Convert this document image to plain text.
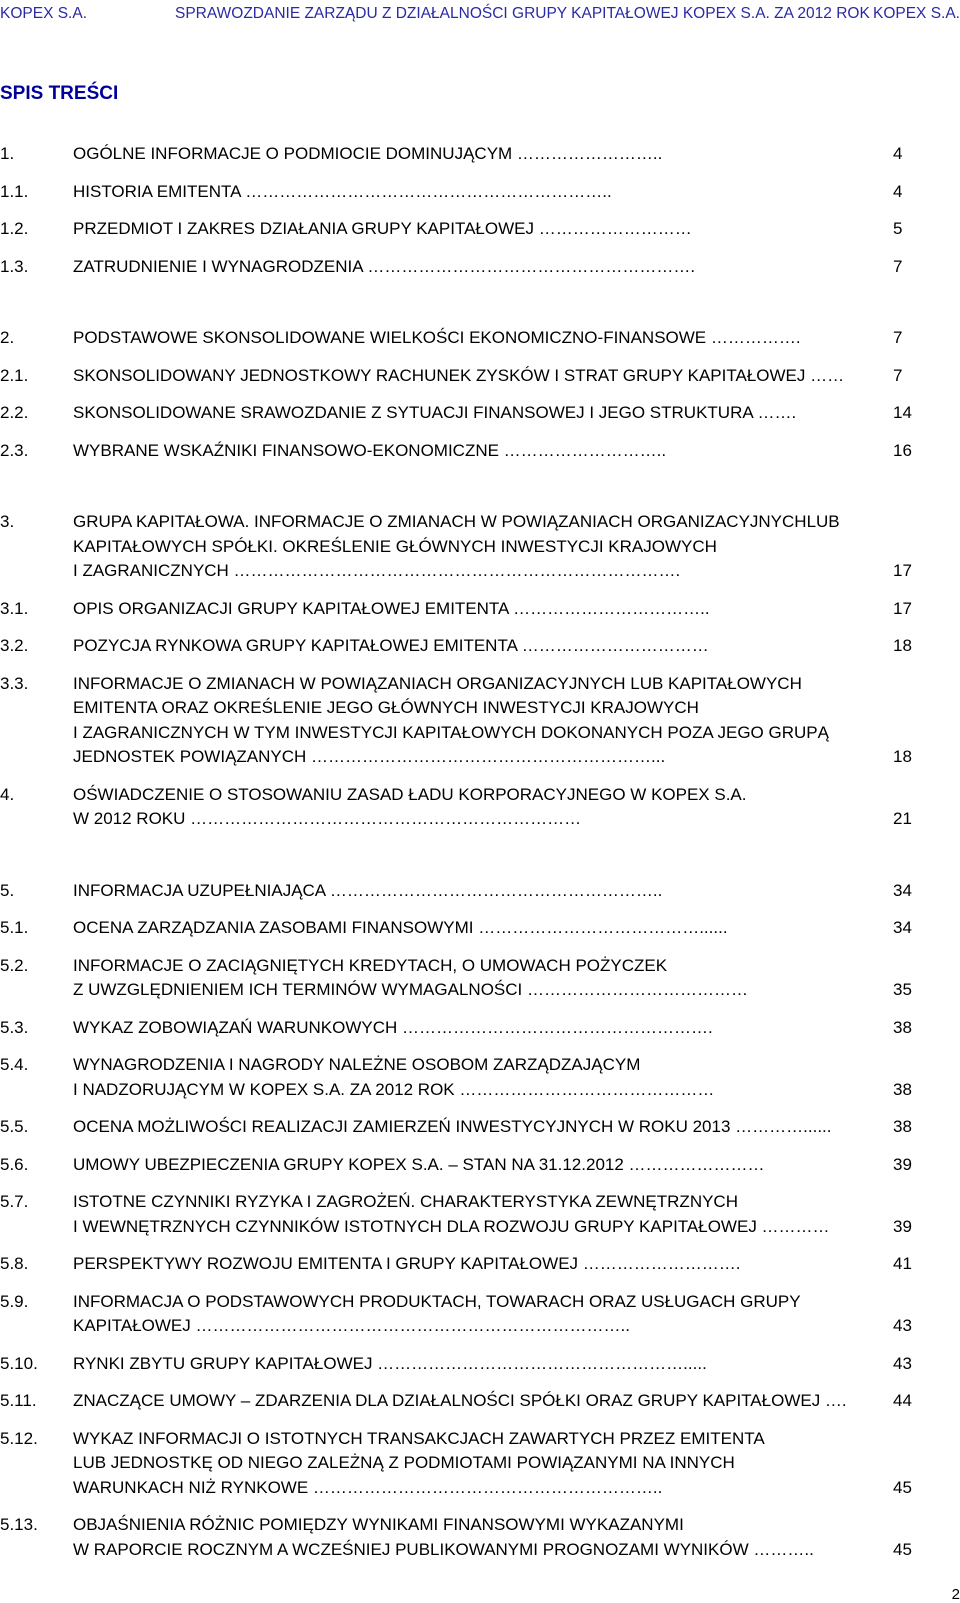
KOPEX S.A.	SPRAWOZDANIE ZARZĄDU Z DZIAŁALNOŚCI GRUPY KAPITAŁOWEJ KOPEX S.A. ZA 2012 ROK KOPEX S.A.
SPIS TREŚCI
1.	OGÓLNE INFORMACJE O PODMIOCIE DOMINUJĄCYM ……………………..	4
1.1.	HISTORIA EMITENTA ………………………………………………………..	4
1.2.	PRZEDMIOT I ZAKRES DZIAŁANIA GRUPY KAPITAŁOWEJ ………………………	5
1.3.	ZATRUDNIENIE I WYNAGRODZENIA ………………………………………………….	7
2.	PODSTAWOWE SKONSOLIDOWANE WIELKOŚCI EKONOMICZNO-FINANSOWE …………….	7
2.1.	SKONSOLIDOWANY JEDNOSTKOWY RACHUNEK ZYSKÓW I STRAT GRUPY KAPITAŁOWEJ ……	7
2.2.	SKONSOLIDOWANE SRAWOZDANIE Z SYTUACJI FINANSOWEJ I JEGO STRUKTURA …….	14
2.3.	WYBRANE WSKAŹNIKI FINANSOWO-EKONOMICZNE ………………………..	16
3.	GRUPA KAPITAŁOWA. INFORMACJE O ZMIANACH W POWIĄZANIACH ORGANIZACYJNYCHLUB
KAPITAŁOWYCH SPÓŁKI. OKREŚLENIE GŁÓWNYCH INWESTYCJI KRAJOWYCH
I ZAGRANICZNYCH …………………………………………………………………….	17
3.1.	OPIS ORGANIZACJI GRUPY KAPITAŁOWEJ EMITENTA ……………………………..	17
3.2.	POZYCJA RYNKOWA GRUPY KAPITAŁOWEJ EMITENTA ……………………………	18
3.3.	INFORMACJE O ZMIANACH W POWIĄZANIACH ORGANIZACYJNYCH LUB KAPITAŁOWYCH
EMITENTA ORAZ OKREŚLENIE JEGO GŁÓWNYCH INWESTYCJI KRAJOWYCH
I ZAGRANICZNYCH W TYM INWESTYCJI KAPITAŁOWYCH DOKONANYCH POZA JEGO GRUPĄ
JEDNOSTEK POWIĄZANYCH ……………………………………………………...	18
4.	OŚWIADCZENIE O STOSOWANIU ZASAD ŁADU KORPORACYJNEGO W KOPEX S.A.
W 2012 ROKU ……………………………………………………………	21
5.	INFORMACJA UZUPEŁNIAJĄCA …………………………………………………..	34
5.1.	OCENA ZARZĄDZANIA ZASOBAMI FINANSOWYMI …………………………………......	34
5.2.	INFORMACJE O ZACIĄGNIĘTYCH KREDYTACH, O UMOWACH POŻYCZEK
Z UWZGLĘDNIENIEM ICH TERMINÓW WYMAGALNOŚCI …………………………………	35
5.3.	WYKAZ ZOBOWIĄZAŃ WARUNKOWYCH ……………………………………………….	38
5.4.	WYNAGRODZENIA I NAGRODY NALEŻNE OSOBOM ZARZĄDZAJĄCYM
I NADZORUJĄCYM W KOPEX S.A. ZA 2012 ROK ………………………………………	38
5.5.	OCENA MOŻLIWOŚCI REALIZACJI ZAMIERZEŃ INWESTYCYJNYCH W ROKU 2013 …………......	38
5.6.	UMOWY UBEZPIECZENIA GRUPY KOPEX S.A. – STAN NA 31.12.2012 ……………………	39
5.7.	ISTOTNE CZYNNIKI RYZYKA I ZAGROŻEŃ. CHARAKTERYSTYKA ZEWNĘTRZNYCH
I WEWNĘTRZNYCH CZYNNIKÓW ISTOTNYCH DLA ROZWOJU GRUPY KAPITAŁOWEJ …………	39
5.8.	PERSPEKTYWY ROZWOJU EMITENTA I GRUPY KAPITAŁOWEJ ……………………….	41
5.9.	INFORMACJA O PODSTAWOWYCH PRODUKTACH, TOWARACH ORAZ USŁUGACH GRUPY
KAPITAŁOWEJ …………………………………………………………………..	43
5.10. RYNKI ZBYTU GRUPY KAPITAŁOWEJ ……………………………………………….....	43
5.11. ZNACZĄCE UMOWY – ZDARZENIA DLA DZIAŁALNOŚCI SPÓŁKI ORAZ GRUPY KAPITAŁOWEJ ….	44
5.12. WYKAZ INFORMACJI O ISTOTNYCH TRANSAKCJACH ZAWARTYCH PRZEZ EMITENTA
LUB JEDNOSTKĘ OD NIEGO ZALEŻNĄ Z PODMIOTAMI POWIĄZANYMI NA INNYCH
WARUNKACH NIŻ RYNKOWE ……………………………………………………..	45
5.13. OBJAŚNIENIA RÓŻNIC POMIĘDZY WYNIKAMI FINANSOWYMI WYKAZANYMI
W RAPORCIE ROCZNYM A WCZEŚNIEJ PUBLIKOWANYMI PROGNOZAMI WYNIKÓW ………..	45
2
